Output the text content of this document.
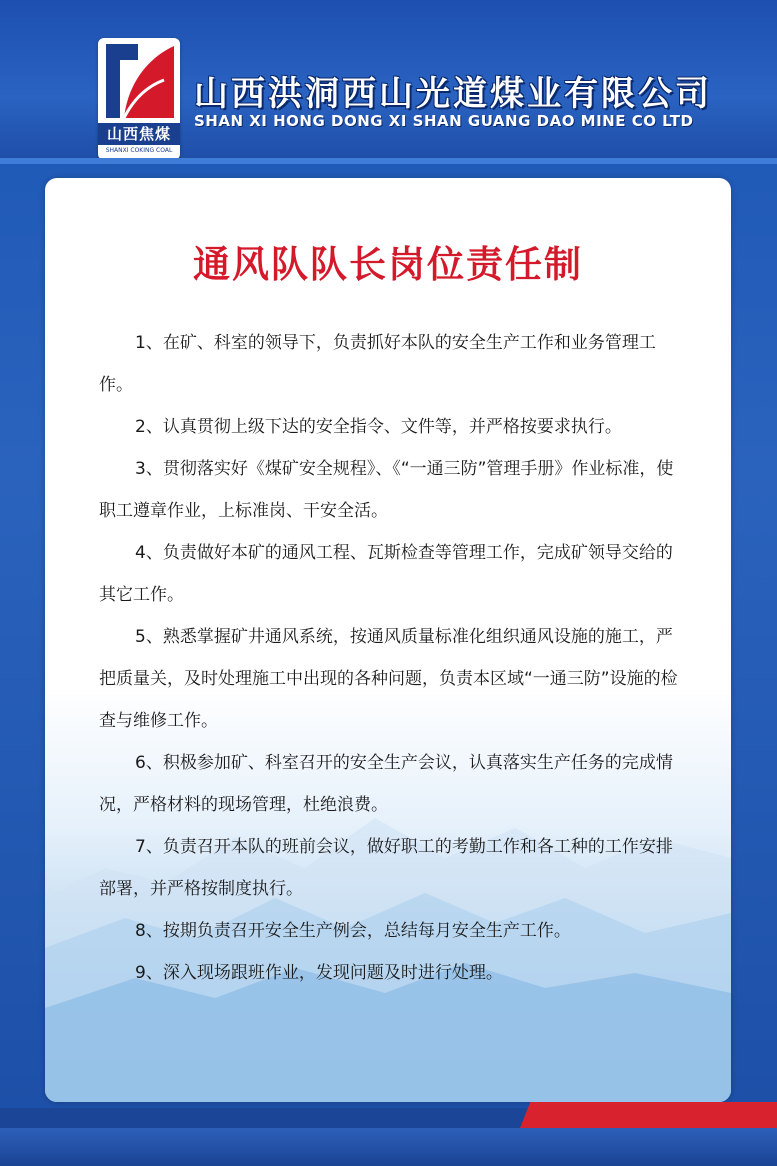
山西焦煤
SHANXI COKING COAL
山西洪洞西山光道煤业有限公司
SHAN XI HONG DONG XI SHAN GUANG DAO MINE CO LTD
通风队队长岗位责任制

1、在矿、科室的领导下，负责抓好本队的安全生产工作和业务管理工作。

2、认真贯彻上级下达的安全指令、文件等，并严格按要求执行。

3、贯彻落实好《煤矿安全规程》、《“一通三防”管理手册》作业标准，使职工遵章作业，上标准岗、干安全活。

4、负责做好本矿的通风工程、瓦斯检查等管理工作，完成矿领导交给的其它工作。

5、熟悉掌握矿井通风系统，按通风质量标准化组织通风设施的施工，严把质量关，及时处理施工中出现的各种问题，负责本区域“一通三防”设施的检查与维修工作。

6、积极参加矿、科室召开的安全生产会议，认真落实生产任务的完成情况，严格材料的现场管理，杜绝浪费。

7、负责召开本队的班前会议，做好职工的考勤工作和各工种的工作安排部署，并严格按制度执行。

8、按期负责召开安全生产例会，总结每月安全生产工作。

9、深入现场跟班作业，发现问题及时进行处理。
